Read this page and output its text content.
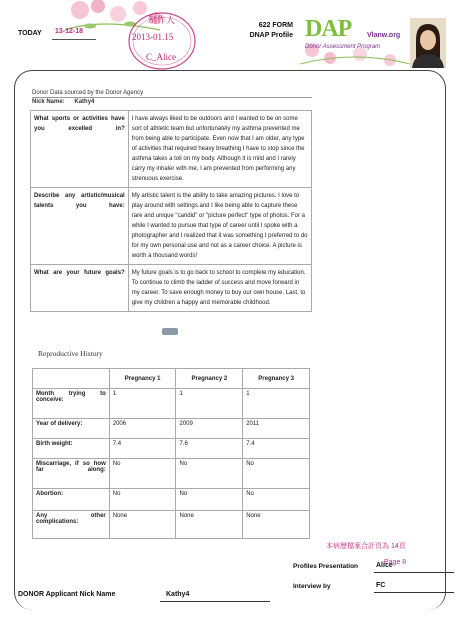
TODAY 13-12-18
制作人
2013-01.15
C_Alice
622 FORM
DNAP Profile DAP Vlanw.org
Donor Assessment Program
Donor Data sourced by the Donor Agency
Nick Name: Kathy4
What sports or activities have you excelled in?	I have always liked to be outdoors and I wanted to be on some sort of athletic team but unfortunately my asthma prevented me from being able to participate. Even now that I am older, any type of activities that required heavy breathing I have to stop since the asthma takes a toll on my body. Although it is mild and I rarely carry my inhaler with me, I am prevented from performing any strenuous exercise.
Describe any artistic/musical talents you have:	My artistic talent is the ability to take amazing pictures. I love to play around with settings and I like being able to capture these rare and unique "candid" or "picture perfect" type of photos. For a while I wanted to pursue that type of career until I spoke with a photographer and I realized that it was something I preferred to do for my own personal use and not as a career choice. A picture is worth a thousand words!
What are your future goals?	My future goals is to go back to school to complete my education. To continue to climb the ladder of success and move forward in my career. To save enough money to buy our own house. Last, to give my children a happy and memorable childhood.
Reproductive History
	Pregnancy 1	Pregnancy 2	Pregnancy 3
Month trying to conceive:	1	1	1
Year of delivery:	2006	2009	2011
Birth weight:	7.4	7.6	7.4
Miscarriage, if so how far along:	No	No	No
Abortion:	No	No	No
Any other complications:	None	None	None
本病歷檔案合計頁為 14頁
Profiles Presentation	Alice
Page 8
Interview by	FC
DONOR Applicant Nick Name	Kathy4
